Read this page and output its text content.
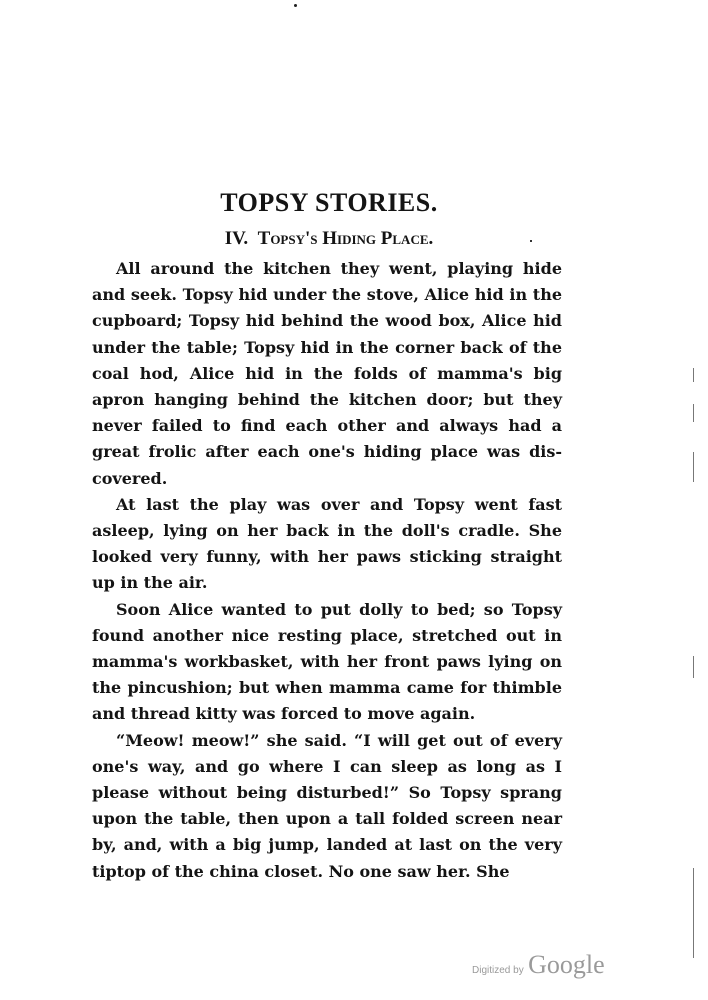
TOPSY STORIES.
IV. Topsy's Hiding Place.

All around the kitchen they went, playing hide and seek. Topsy hid under the stove, Alice hid in the cupboard; Topsy hid behind the wood box, Alice hid under the table; Topsy hid in the corner back of the coal hod, Alice hid in the folds of mamma's big apron hanging behind the kitchen door; but they never failed to find each other and always had a great frolic after each one's hiding place was discovered.

At last the play was over and Topsy went fast asleep, lying on her back in the doll's cradle. She looked very funny, with her paws sticking straight up in the air.

Soon Alice wanted to put dolly to bed; so Topsy found another nice resting place, stretched out in mamma's workbasket, with her front paws lying on the pincushion; but when mamma came for thimble and thread kitty was forced to move again.

“Meow! meow!” she said. “I will get out of every one's way, and go where I can sleep as long as I please without being disturbed!” So Topsy sprang upon the table, then upon a tall folded screen near by, and, with a big jump, landed at last on the very tiptop of the china closet. No one saw her. She

Digitized by Google
